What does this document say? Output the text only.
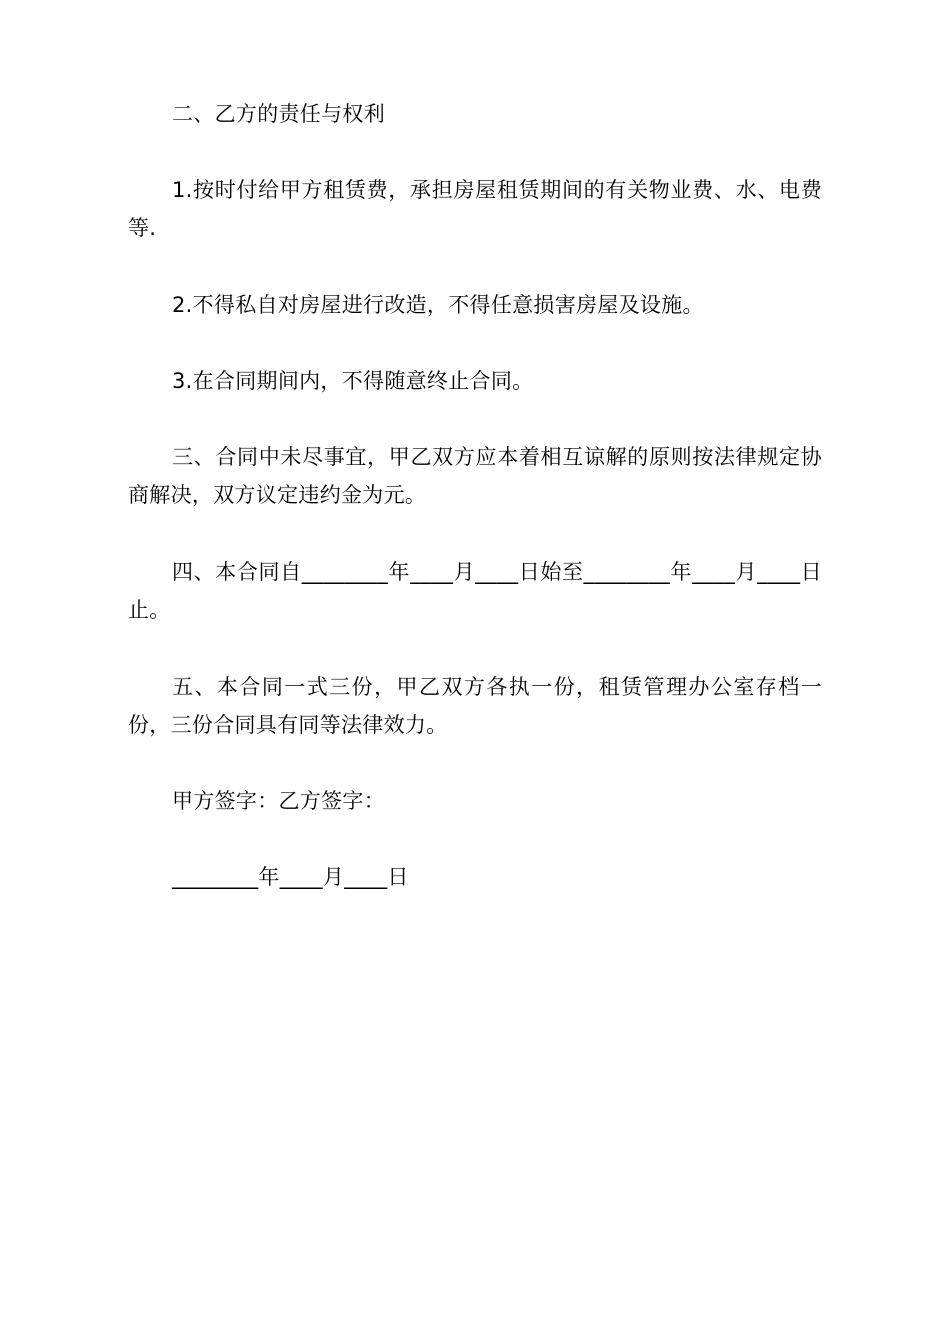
二、乙方的责任与权利

1.按时付给甲方租赁费，承担房屋租赁期间的有关物业费、水、电费等.

2.不得私自对房屋进行改造，不得任意损害房屋及设施。

3.在合同期间内，不得随意终止合同。

三、合同中未尽事宜，甲乙双方应本着相互谅解的原则按法律规定协商解决，双方议定违约金为元。

四、本合同自________年____月____日始至________年____月____日止。

五、本合同一式三份，甲乙双方各执一份，租赁管理办公室存档一份，三份合同具有同等法律效力。

甲方签字：乙方签字：

________年____月____日
